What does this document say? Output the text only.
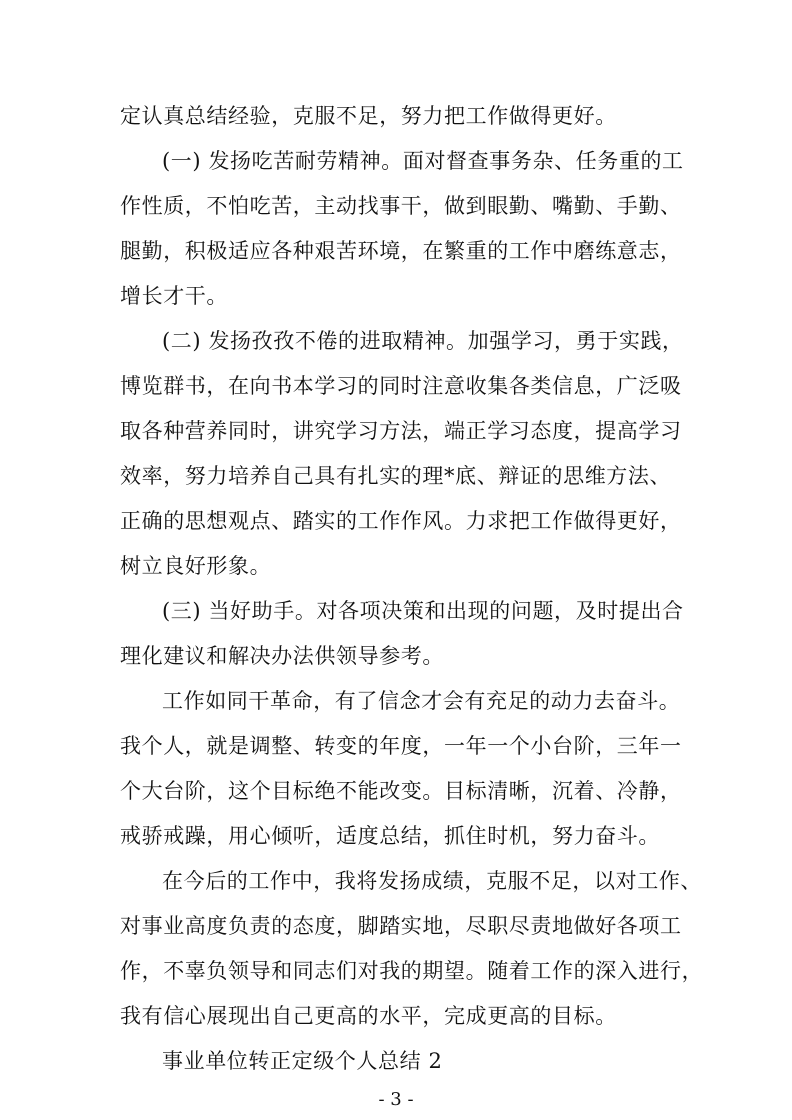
定认真总结经验，克服不足，努力把工作做得更好。
(一) 发扬吃苦耐劳精神。面对督查事务杂、任务重的工
作性质，不怕吃苦，主动找事干，做到眼勤、嘴勤、手勤、
腿勤，积极适应各种艰苦环境，在繁重的工作中磨练意志，
增长才干。
(二) 发扬孜孜不倦的进取精神。加强学习，勇于实践，
博览群书，在向书本学习的同时注意收集各类信息，广泛吸
取各种营养同时，讲究学习方法，端正学习态度，提高学习
效率，努力培养自己具有扎实的理*底、辩证的思维方法、
正确的思想观点、踏实的工作作风。力求把工作做得更好，
树立良好形象。
(三) 当好助手。对各项决策和出现的问题，及时提出合
理化建议和解决办法供领导参考。
工作如同干革命，有了信念才会有充足的动力去奋斗。
我个人，就是调整、转变的年度，一年一个小台阶，三年一
个大台阶，这个目标绝不能改变。目标清晰，沉着、冷静，
戒骄戒躁，用心倾听，适度总结，抓住时机，努力奋斗。
在今后的工作中，我将发扬成绩，克服不足，以对工作、
对事业高度负责的态度，脚踏实地，尽职尽责地做好各项工
作，不辜负领导和同志们对我的期望。随着工作的深入进行，
我有信心展现出自己更高的水平，完成更高的目标。
事业单位转正定级个人总结 2
- 3 -
